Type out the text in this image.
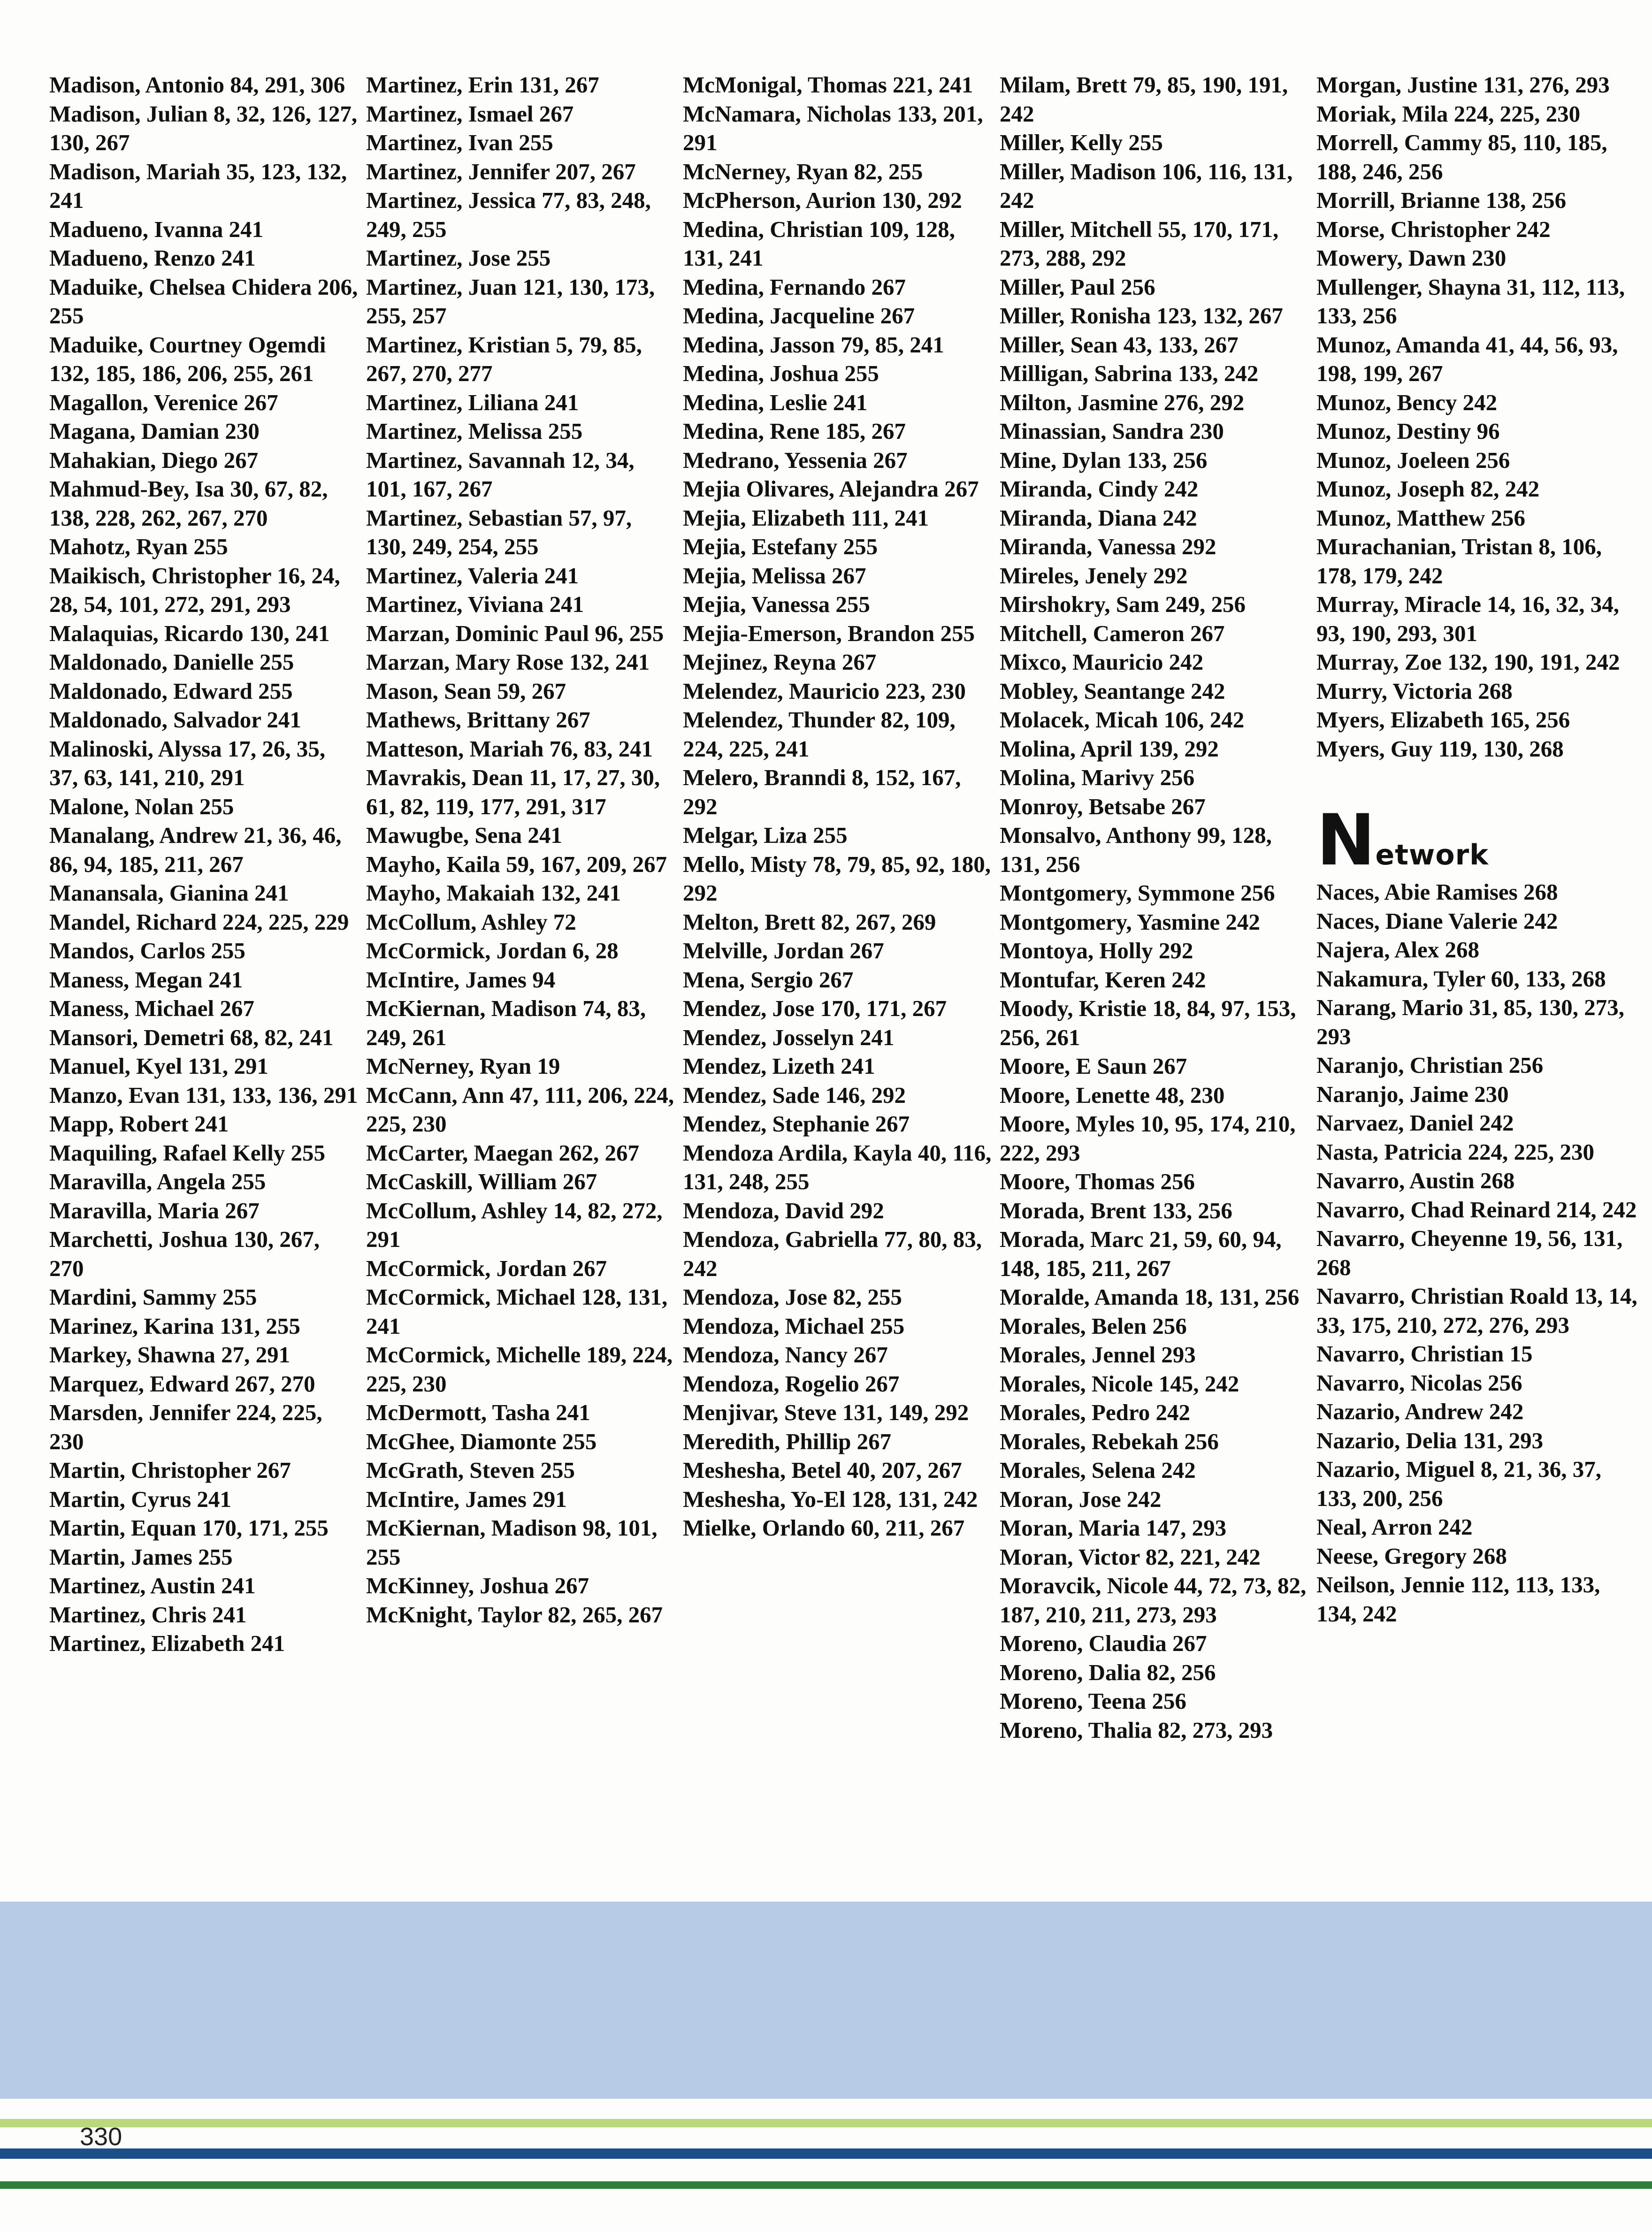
Madison, Antonio 84, 291, 306
Madison, Julian 8, 32, 126, 127, 130, 267
Madison, Mariah 35, 123, 132, 241
Madueno, Ivanna 241
Madueno, Renzo 241
Maduike, Chelsea Chidera 206, 255
Maduike, Courtney Ogemdi 132, 185, 186, 206, 255, 261
Magallon, Verenice 267
Magana, Damian 230
Mahakian, Diego 267
Mahmud-Bey, Isa 30, 67, 82, 138, 228, 262, 267, 270
Mahotz, Ryan 255
Maikisch, Christopher 16, 24, 28, 54, 101, 272, 291, 293
Malaquias, Ricardo 130, 241
Maldonado, Danielle 255
Maldonado, Edward 255
Maldonado, Salvador 241
Malinoski, Alyssa 17, 26, 35, 37, 63, 141, 210, 291
Malone, Nolan 255
Manalang, Andrew 21, 36, 46, 86, 94, 185, 211, 267
Manansala, Gianina 241
Mandel, Richard 224, 225, 229
Mandos, Carlos 255
Maness, Megan 241
Maness, Michael 267
Mansori, Demetri 68, 82, 241
Manuel, Kyel 131, 291
Manzo, Evan 131, 133, 136, 291
Mapp, Robert 241
Maquiling, Rafael Kelly 255
Maravilla, Angela 255
Maravilla, Maria 267
Marchetti, Joshua 130, 267, 270
Mardini, Sammy 255
Marinez, Karina 131, 255
Markey, Shawna 27, 291
Marquez, Edward 267, 270
Marsden, Jennifer 224, 225, 230
Martin, Christopher 267
Martin, Cyrus 241
Martin, Equan 170, 171, 255
Martin, James 255
Martinez, Austin 241
Martinez, Chris 241
Martinez, Elizabeth 241
Martinez, Erin 131, 267
Martinez, Ismael 267
Martinez, Ivan 255
Martinez, Jennifer 207, 267
Martinez, Jessica 77, 83, 248, 249, 255
Martinez, Jose 255
Martinez, Juan 121, 130, 173, 255, 257
Martinez, Kristian 5, 79, 85, 267, 270, 277
Martinez, Liliana 241
Martinez, Melissa 255
Martinez, Savannah 12, 34, 101, 167, 267
Martinez, Sebastian 57, 97, 130, 249, 254, 255
Martinez, Valeria 241
Martinez, Viviana 241
Marzan, Dominic Paul 96, 255
Marzan, Mary Rose 132, 241
Mason, Sean 59, 267
Mathews, Brittany 267
Matteson, Mariah 76, 83, 241
Mavrakis, Dean 11, 17, 27, 30, 61, 82, 119, 177, 291, 317
Mawugbe, Sena 241
Mayho, Kaila 59, 167, 209, 267
Mayho, Makaiah 132, 241
McCollum, Ashley 72
McCormick, Jordan 6, 28
McIntire, James 94
McKiernan, Madison 74, 83, 249, 261
McNerney, Ryan 19
McCann, Ann 47, 111, 206, 224, 225, 230
McCarter, Maegan 262, 267
McCaskill, William 267
McCollum, Ashley 14, 82, 272, 291
McCormick, Jordan 267
McCormick, Michael 128, 131, 241
McCormick, Michelle 189, 224, 225, 230
McDermott, Tasha 241
McGhee, Diamonte 255
McGrath, Steven 255
McIntire, James 291
McKiernan, Madison 98, 101, 255
McKinney, Joshua 267
McKnight, Taylor 82, 265, 267
McMonigal, Thomas 221, 241
McNamara, Nicholas 133, 201, 291
McNerney, Ryan 82, 255
McPherson, Aurion 130, 292
Medina, Christian 109, 128, 131, 241
Medina, Fernando 267
Medina, Jacqueline 267
Medina, Jasson 79, 85, 241
Medina, Joshua 255
Medina, Leslie 241
Medina, Rene 185, 267
Medrano, Yessenia 267
Mejia Olivares, Alejandra 267
Mejia, Elizabeth 111, 241
Mejia, Estefany 255
Mejia, Melissa 267
Mejia, Vanessa 255
Mejia-Emerson, Brandon 255
Mejinez, Reyna 267
Melendez, Mauricio 223, 230
Melendez, Thunder 82, 109, 224, 225, 241
Melero, Branndi 8, 152, 167, 292
Melgar, Liza 255
Mello, Misty 78, 79, 85, 92, 180, 292
Melton, Brett 82, 267, 269
Melville, Jordan 267
Mena, Sergio 267
Mendez, Jose 170, 171, 267
Mendez, Josselyn 241
Mendez, Lizeth 241
Mendez, Sade 146, 292
Mendez, Stephanie 267
Mendoza Ardila, Kayla 40, 116, 131, 248, 255
Mendoza, David 292
Mendoza, Gabriella 77, 80, 83, 242
Mendoza, Jose 82, 255
Mendoza, Michael 255
Mendoza, Nancy 267
Mendoza, Rogelio 267
Menjivar, Steve 131, 149, 292
Meredith, Phillip 267
Meshesha, Betel 40, 207, 267
Meshesha, Yo-El 128, 131, 242
Mielke, Orlando 60, 211, 267
Milam, Brett 79, 85, 190, 191, 242
Miller, Kelly 255
Miller, Madison 106, 116, 131, 242
Miller, Mitchell 55, 170, 171, 273, 288, 292
Miller, Paul 256
Miller, Ronisha 123, 132, 267
Miller, Sean 43, 133, 267
Milligan, Sabrina 133, 242
Milton, Jasmine 276, 292
Minassian, Sandra 230
Mine, Dylan 133, 256
Miranda, Cindy 242
Miranda, Diana 242
Miranda, Vanessa 292
Mireles, Jenely 292
Mirshokry, Sam 249, 256
Mitchell, Cameron 267
Mixco, Mauricio 242
Mobley, Seantange 242
Molacek, Micah 106, 242
Molina, April 139, 292
Molina, Marivy 256
Monroy, Betsabe 267
Monsalvo, Anthony 99, 128, 131, 256
Montgomery, Symmone 256
Montgomery, Yasmine 242
Montoya, Holly 292
Montufar, Keren 242
Moody, Kristie 18, 84, 97, 153, 256, 261
Moore, E Saun 267
Moore, Lenette 48, 230
Moore, Myles 10, 95, 174, 210, 222, 293
Moore, Thomas 256
Morada, Brent 133, 256
Morada, Marc 21, 59, 60, 94, 148, 185, 211, 267
Moralde, Amanda 18, 131, 256
Morales, Belen 256
Morales, Jennel 293
Morales, Nicole 145, 242
Morales, Pedro 242
Morales, Rebekah 256
Morales, Selena 242
Moran, Jose 242
Moran, Maria 147, 293
Moran, Victor 82, 221, 242
Moravcik, Nicole 44, 72, 73, 82, 187, 210, 211, 273, 293
Moreno, Claudia 267
Moreno, Dalia 82, 256
Moreno, Teena 256
Moreno, Thalia 82, 273, 293
Morgan, Justine 131, 276, 293
Moriak, Mila 224, 225, 230
Morrell, Cammy 85, 110, 185, 188, 246, 256
Morrill, Brianne 138, 256
Morse, Christopher 242
Mowery, Dawn 230
Mullenger, Shayna 31, 112, 113, 133, 256
Munoz, Amanda 41, 44, 56, 93, 198, 199, 267
Munoz, Bency 242
Munoz, Destiny 96
Munoz, Joeleen 256
Munoz, Joseph 82, 242
Munoz, Matthew 256
Murachanian, Tristan 8, 106, 178, 179, 242
Murray, Miracle 14, 16, 32, 34, 93, 190, 293, 301
Murray, Zoe 132, 190, 191, 242
Murry, Victoria 268
Myers, Elizabeth 165, 256
Myers, Guy 119, 130, 268
N etwork
Naces, Abie Ramises 268
Naces, Diane Valerie 242
Najera, Alex 268
Nakamura, Tyler 60, 133, 268
Narang, Mario 31, 85, 130, 273, 293
Naranjo, Christian 256
Naranjo, Jaime 230
Narvaez, Daniel 242
Nasta, Patricia 224, 225, 230
Navarro, Austin 268
Navarro, Chad Reinard 214, 242
Navarro, Cheyenne 19, 56, 131, 268
Navarro, Christian Roald 13, 14, 33, 175, 210, 272, 276, 293
Navarro, Christian 15
Navarro, Nicolas 256
Nazario, Andrew 242
Nazario, Delia 131, 293
Nazario, Miguel 8, 21, 36, 37, 133, 200, 256
Neal, Arron 242
Neese, Gregory 268
Neilson, Jennie 112, 113, 133, 134, 242
330
